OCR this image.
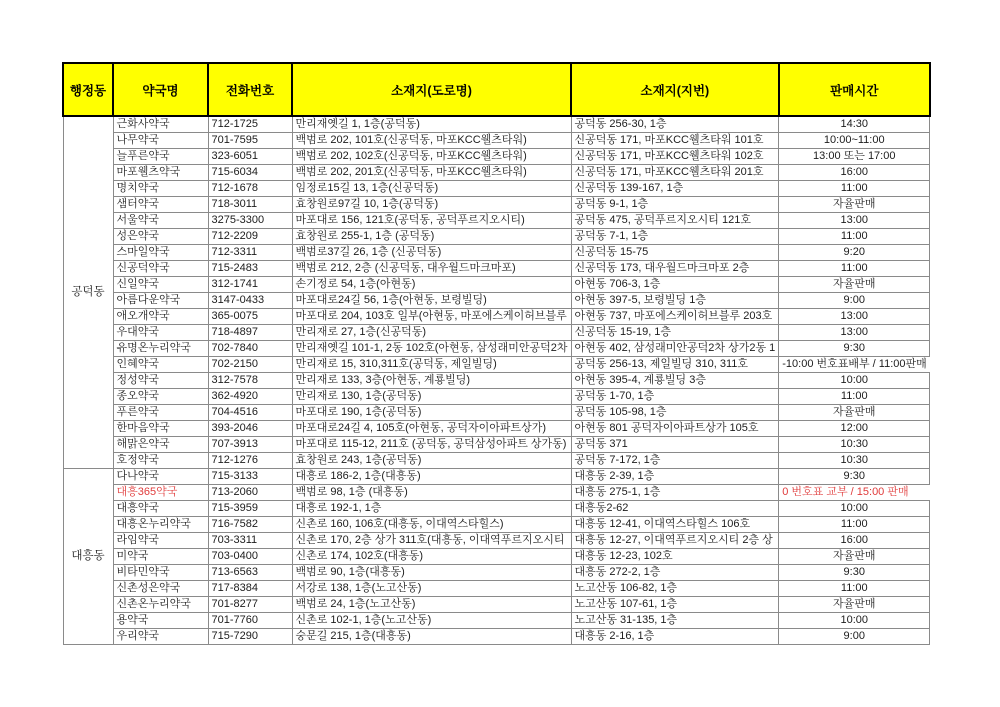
행정동	약국명	전화번호	소재지(도로명)	소재지(지번)	판매시간
공덕동	근화사약국	712-1725	만리재옛길 1, 1층(공덕동)	공덕동 256-30, 1층	14:30
	나무약국	701-7595	백범로 202, 101호(신공덕동, 마포KCC웰츠타워)	신공덕동 171, 마포KCC웰츠타워 101호	10:00~11:00
	늘푸른약국	323-6051	백범로 202, 102호(신공덕동, 마포KCC웰츠타워)	신공덕동 171, 마포KCC웰츠타워 102호	13:00 또는 17:00
	마포웰츠약국	715-6034	백범로 202, 201호(신공덕동, 마포KCC웰츠타워)	신공덕동 171, 마포KCC웰츠타워 201호	16:00
	명치약국	712-1678	임정로15길 13, 1층(신공덕동)	신공덕동 139-167, 1층	11:00
	샘터약국	718-3011	효창원로97길 10, 1층(공덕동)	공덕동 9-1, 1층	자율판매
	서울약국	3275-3300	마포대로 156, 121호(공덕동, 공덕푸르지오시티)	공덕동 475, 공덕푸르지오시티 121호	13:00
	성은약국	712-2209	효창원로 255-1, 1층 (공덕동)	공덕동 7-1, 1층	11:00
	스마일약국	712-3311	백범로37길 26, 1층 (신공덕동)	신공덕동 15-75	9:20
	신공덕약국	715-2483	백범로 212, 2층 (신공덕동, 대우월드마크마포)	신공덕동 173, 대우월드마크마포 2층	11:00
	신일약국	312-1741	손기정로 54, 1층(아현동)	아현동 706-3, 1층	자율판매
	아름다운약국	3147-0433	마포대로24길 56, 1층(아현동, 보령빌딩)	아현동 397-5, 보령빌딩 1층	9:00
	애오개약국	365-0075	마포대로 204, 103호 일부(아현동, 마포에스케이허브블루	아현동 737, 마포에스케이허브블루 203호	13:00
	우대약국	718-4897	만리재로 27, 1층(신공덕동)	신공덕동 15-19, 1층	13:00
	유명온누리약국	702-7840	만리재옛길 101-1, 2동 102호(아현동, 삼성래미안공덕2차	아현동 402, 삼성래미안공덕2차 상가2동 1	9:30
	인혜약국	702-2150	만리재로 15, 310,311호(공덕동, 제일빌딩)	공덕동 256-13, 제일빌딩 310, 311호	-10:00 번호표배부 / 11:00판매
	정성약국	312-7578	만리재로 133, 3층(아현동, 계룡빌딩)	아현동 395-4, 계룡빌딩 3층	10:00
	종오약국	362-4920	만리재로 130, 1층(공덕동)	공덕동 1-70, 1층	11:00
	푸른약국	704-4516	마포대로 190, 1층(공덕동)	공덕동 105-98, 1층	자율판매
	한마음약국	393-2046	마포대로24길 4, 105호(아현동, 공덕자이아파트상가)	아현동 801 공덕자이아파트상가 105호	12:00
	해맑은약국	707-3913	마포대로 115-12, 211호 (공덕동, 공덕삼성아파트 상가동)	공덕동 371	10:30
	호정약국	712-1276	효창원로 243, 1층(공덕동)	공덕동 7-172, 1층	10:30
대흥동	다나약국	715-3133	대흥로 186-2, 1층(대흥동)	대흥동 2-39, 1층	9:30
	대흥365약국	713-2060	백범로 98, 1층 (대흥동)	대흥동 275-1, 1층	0 번호표 교부 / 15:00 판매
	대흥약국	715-3959	대흥로 192-1, 1층	대흥동2-62	10:00
	대흥온누리약국	716-7582	신촌로 160, 106호(대흥동, 이대역스타힐스)	대흥동 12-41, 이대역스타힐스 106호	11:00
	라임약국	703-3311	신촌로 170, 2층 상가 311호(대흥동, 이대역푸르지오시티	대흥동 12-27, 이대역푸르지오시티 2층 상	16:00
	미약국	703-0400	신촌로 174, 102호(대흥동)	대흥동 12-23, 102호	자율판매
	비타민약국	713-6563	백범로 90, 1층(대흥동)	대흥동 272-2, 1층	9:30
	신촌성은약국	717-8384	서강로 138, 1층(노고산동)	노고산동 106-82, 1층	11:00
	신촌온누리약국	701-8277	백범로 24, 1층(노고산동)	노고산동 107-61, 1층	자율판매
	용약국	701-7760	신촌로 102-1, 1층(노고산동)	노고산동 31-135, 1층	10:00
	우리약국	715-7290	숭문길 215, 1층(대흥동)	대흥동 2-16, 1층	9:00
